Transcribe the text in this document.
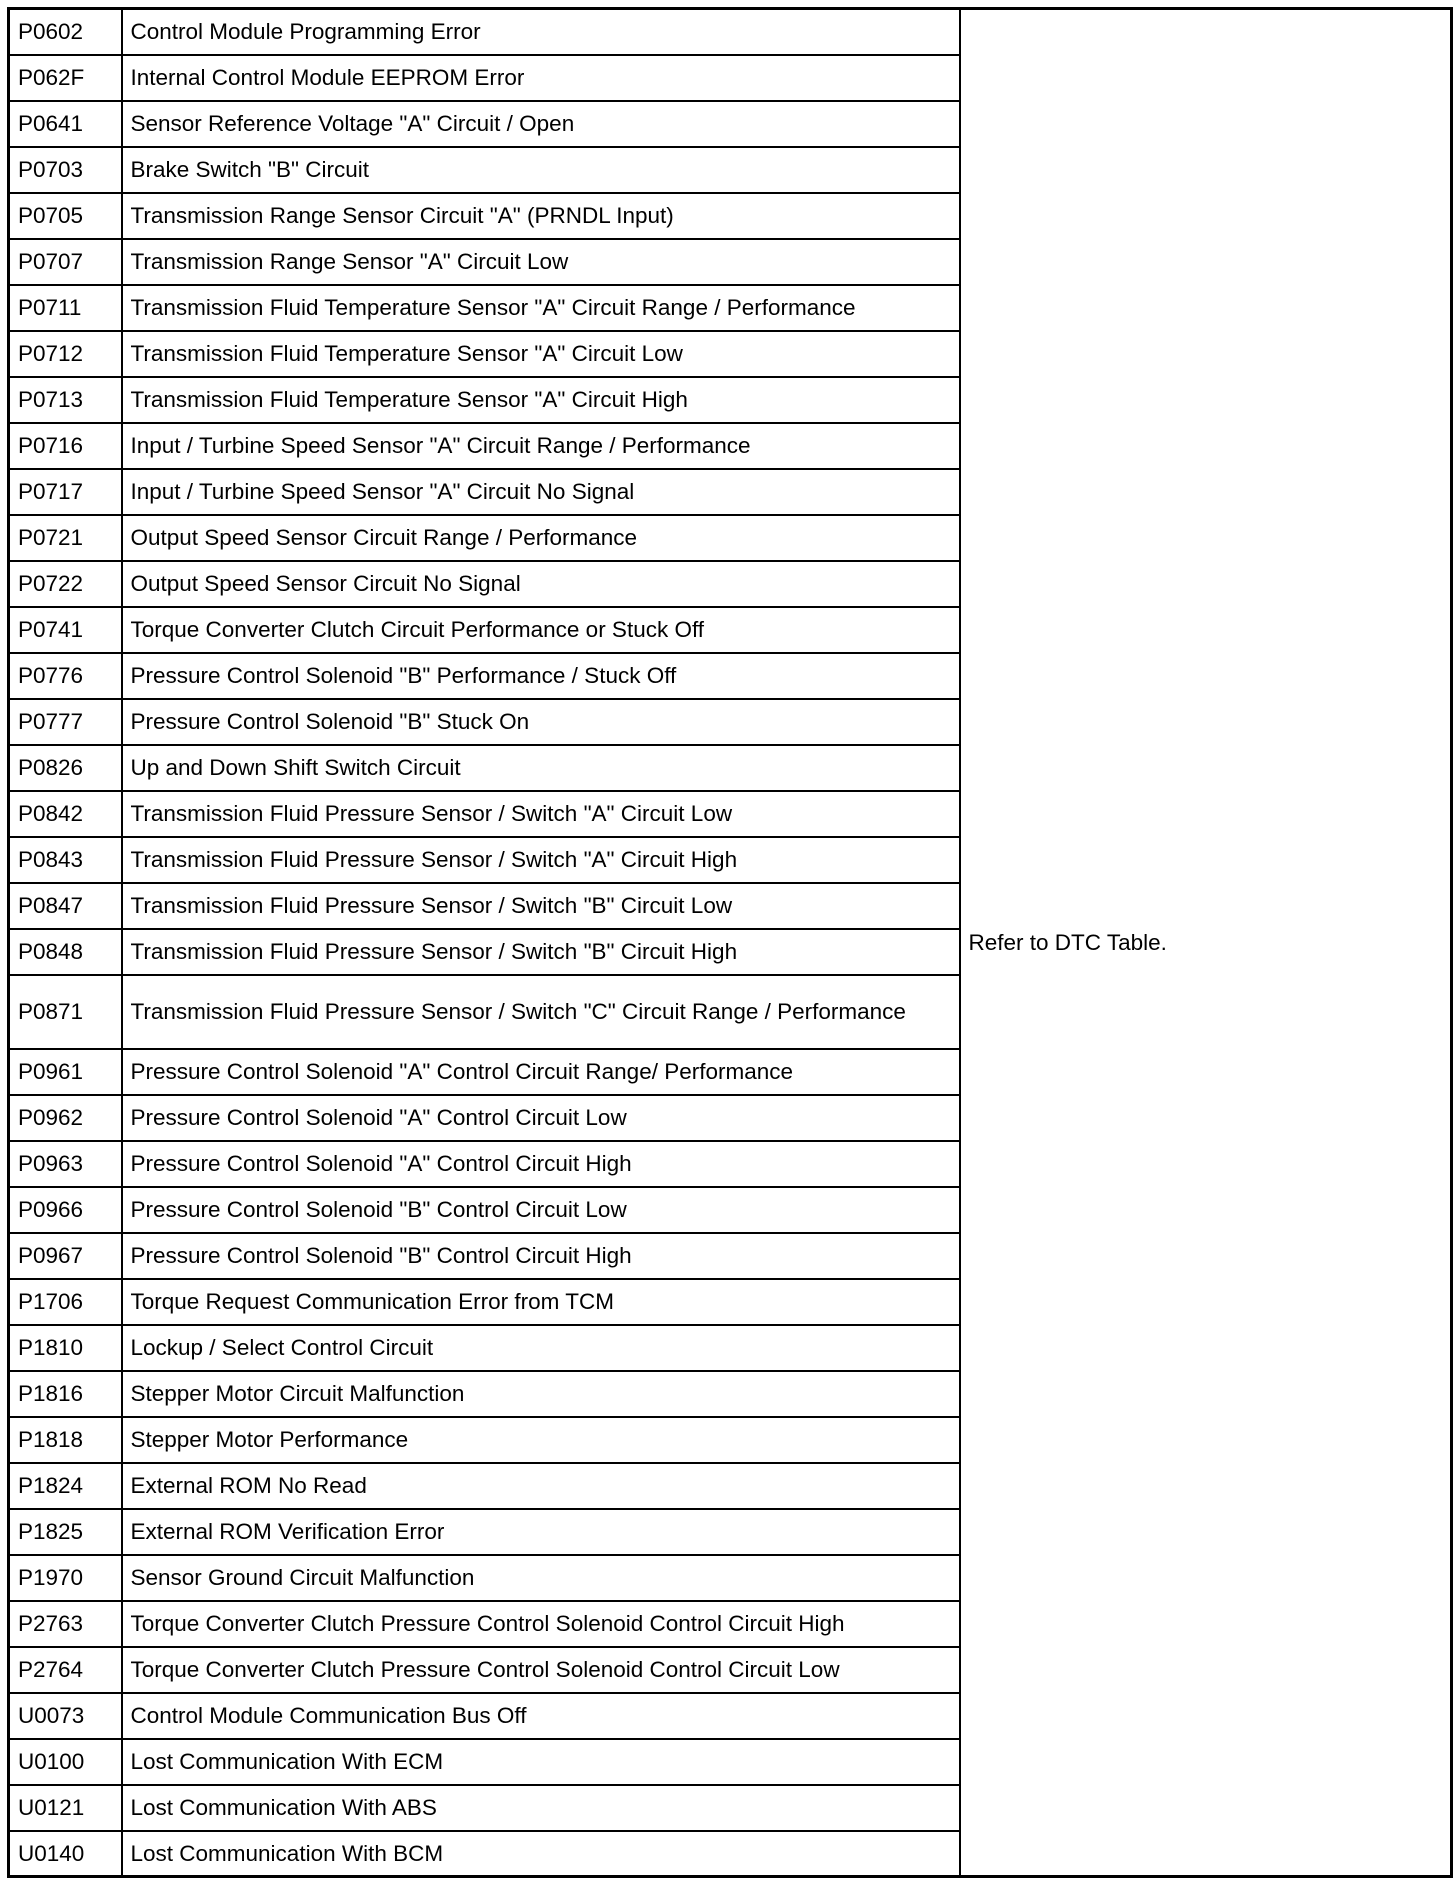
P0602	Control Module Programming Error	Refer to DTC Table.
P062F	Internal Control Module EEPROM Error	
P0641	Sensor Reference Voltage "A" Circuit / Open	
P0703	Brake Switch "B" Circuit	
P0705	Transmission Range Sensor Circuit "A" (PRNDL Input)	
P0707	Transmission Range Sensor "A" Circuit Low	
P0711	Transmission Fluid Temperature Sensor "A" Circuit Range / Performance	
P0712	Transmission Fluid Temperature Sensor "A" Circuit Low	
P0713	Transmission Fluid Temperature Sensor "A" Circuit High	
P0716	Input / Turbine Speed Sensor "A" Circuit Range / Performance	
P0717	Input / Turbine Speed Sensor "A" Circuit No Signal	
P0721	Output Speed Sensor Circuit Range / Performance	
P0722	Output Speed Sensor Circuit No Signal	
P0741	Torque Converter Clutch Circuit Performance or Stuck Off	
P0776	Pressure Control Solenoid "B" Performance / Stuck Off	
P0777	Pressure Control Solenoid "B" Stuck On	
P0826	Up and Down Shift Switch Circuit	
P0842	Transmission Fluid Pressure Sensor / Switch "A" Circuit Low	
P0843	Transmission Fluid Pressure Sensor / Switch "A" Circuit High	
P0847	Transmission Fluid Pressure Sensor / Switch "B" Circuit Low	
P0848	Transmission Fluid Pressure Sensor / Switch "B" Circuit High	
P0871	Transmission Fluid Pressure Sensor / Switch "C" Circuit Range / Performance	
P0961	Pressure Control Solenoid "A" Control Circuit Range/ Performance	
P0962	Pressure Control Solenoid "A" Control Circuit Low	
P0963	Pressure Control Solenoid "A" Control Circuit High	
P0966	Pressure Control Solenoid "B" Control Circuit Low	
P0967	Pressure Control Solenoid "B" Control Circuit High	
P1706	Torque Request Communication Error from TCM	
P1810	Lockup / Select Control Circuit	
P1816	Stepper Motor Circuit Malfunction	
P1818	Stepper Motor Performance	
P1824	External ROM No Read	
P1825	External ROM Verification Error	
P1970	Sensor Ground Circuit Malfunction	
P2763	Torque Converter Clutch Pressure Control Solenoid Control Circuit High	
P2764	Torque Converter Clutch Pressure Control Solenoid Control Circuit Low	
U0073	Control Module Communication Bus Off	
U0100	Lost Communication With ECM	
U0121	Lost Communication With ABS	
U0140	Lost Communication With BCM	
